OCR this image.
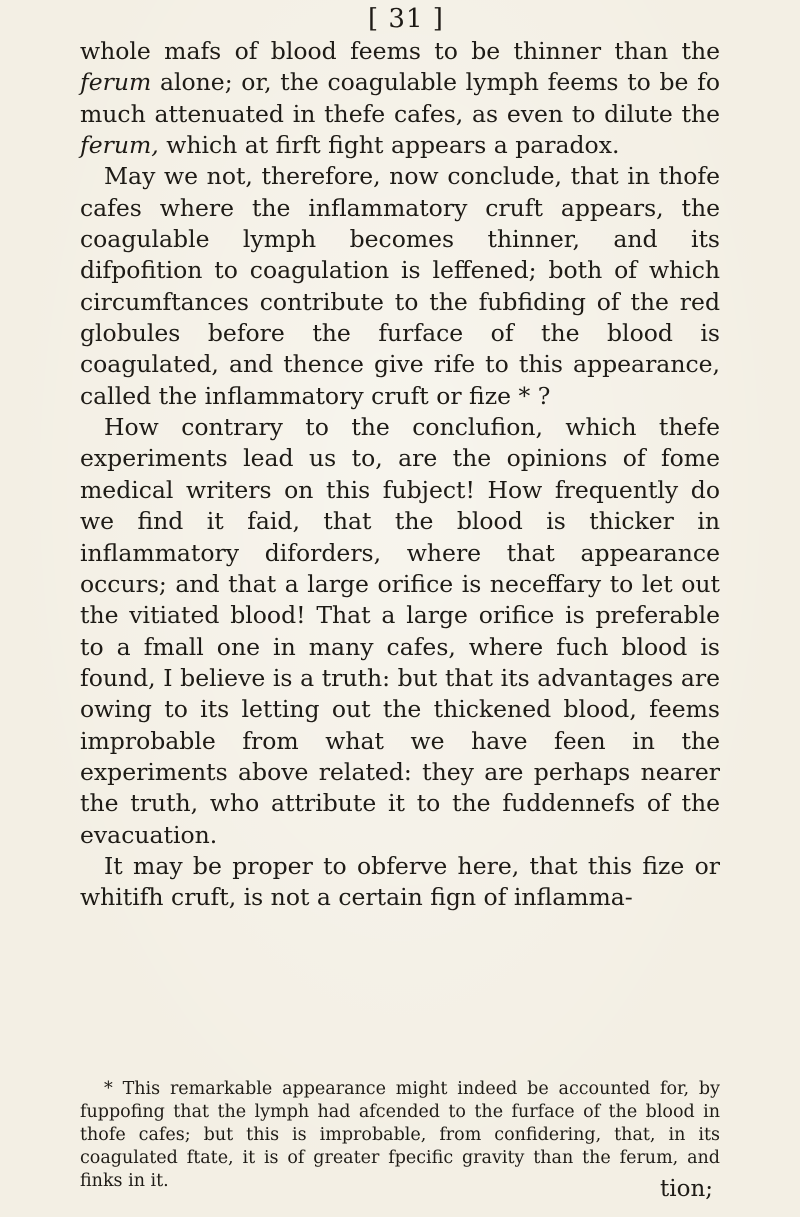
[ 31 ]

whole mafs of blood feems to be thinner than the ferum alone; or, the coagulable lymph feems to be fo much attenuated in thefe cafes, as even to dilute the ferum, which at firft fight appears a paradox.

May we not, therefore, now conclude, that in thofe cafes where the inflammatory cruft appears, the coagulable lymph becomes thinner, and its difpofition to coagulation is leffened; both of which circumftances contribute to the fubfiding of the red globules before the furface of the blood is coagulated, and thence give rife to this appearance, called the inflammatory cruft or fize * ?

How contrary to the conclufion, which thefe experiments lead us to, are the opinions of fome medical writers on this fubject! How frequently do we find it faid, that the blood is thicker in inflammatory diforders, where that appearance occurs; and that a large orifice is neceffary to let out the vitiated blood! That a large orifice is preferable to a fmall one in many cafes, where fuch blood is found, I believe is a truth: but that its advantages are owing to its letting out the thickened blood, feems improbable from what we have feen in the experiments above related: they are perhaps nearer the truth, who attribute it to the fuddennefs of the evacuation.

It may be proper to obferve here, that this fize or whitifh cruft, is not a certain fign of inflamma-

* This remarkable appearance might indeed be accounted for, by fuppofing that the lymph had afcended to the furface of the blood in thofe cafes; but this is improbable, from confidering, that, in its coagulated ftate, it is of greater fpecific gravity than the ferum, and finks in it.	tion;
